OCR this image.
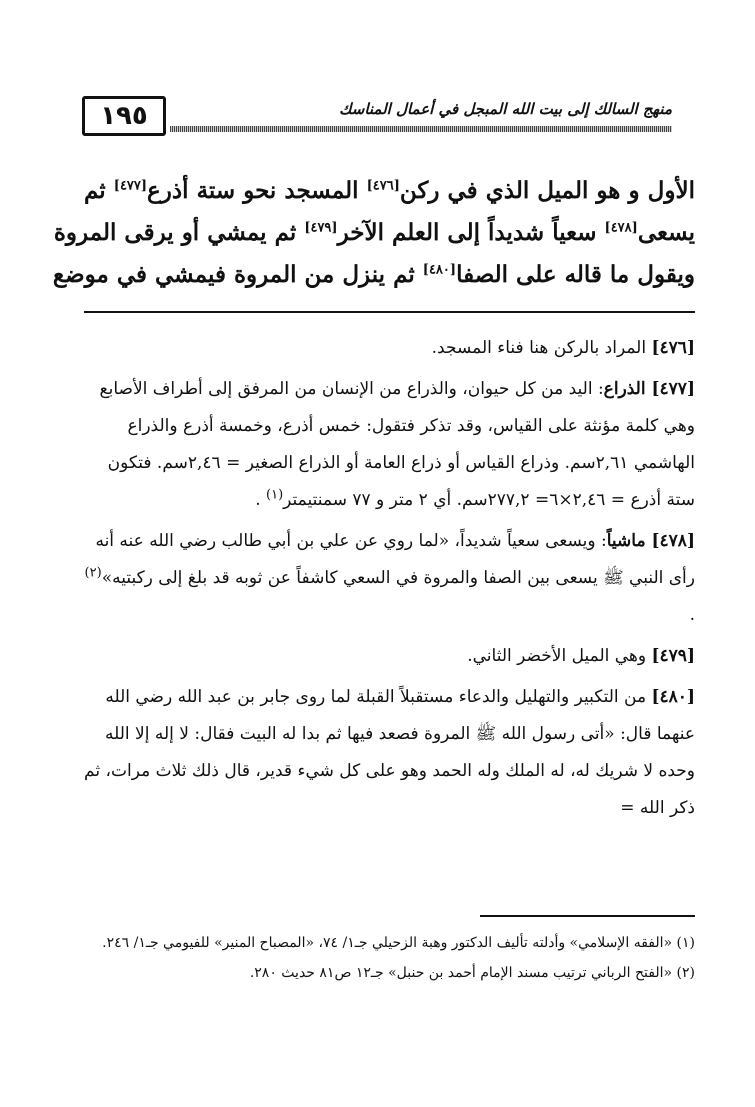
١٩٥	منهج السالك إلى بيت الله المبجل في أعمال المناسك
الأول و هو الميل الذي في ركن[٤٧٦] المسجد نحو ستة أذرع[٤٧٧] ثم
يسعى[٤٧٨] سعياً شديداً إلى العلم الآخر[٤٧٩] ثم يمشي أو يرقى المروة
ويقول ما قاله على الصفا[٤٨٠] ثم ينزل من المروة فيمشي في موضع
[٤٧٦] المراد بالركن هنا فناء المسجد.
[٤٧٧] الذراع: اليد من كل حيوان، والذراع من الإنسان من المرفق إلى أطراف الأصابع وهي كلمة مؤنثة على القياس، وقد تذكر فتقول: خمس أذرع، وخمسة أذرع والذراع الهاشمي ٢,٦١سم. وذراع القياس أو ذراع العامة أو الذراع الصغير = ٢,٤٦سم. فتكون ستة أذرع = ٢,٤٦×٦= ٢٧٧,٢سم. أي ٢ متر و ٧٧ سمنتيمتر$^{(١)}$ .
[٤٧٨] ماشياً: ويسعى سعياً شديداً، «لما روي عن علي بن أبي طالب رضي الله عنه أنه رأى النبي ﷺ يسعى بين الصفا والمروة في السعي كاشفاً عن ثوبه قد بلغ إلى ركبتيه»$^{(٢)}$ .
[٤٧٩] وهي الميل الأخضر الثاني.
[٤٨٠] من التكبير والتهليل والدعاء مستقبلاً القبلة لما روى جابر بن عبد الله رضي الله عنهما قال: «أتى رسول الله ﷺ المروة فصعد فيها ثم بدا له البيت فقال: لا إله إلا الله وحده لا شريك له، له الملك وله الحمد وهو على كل شيء قدير، قال ذلك ثلاث مرات، ثم ذكر الله =
(١) «الفقه الإسلامي» وأدلته تأليف الدكتور وهبة الزحيلي جـ١/ ٧٤، «المصباح المنير» للفيومي جـ١/ ٢٤٦.
(٢) «الفتح الرباني ترتيب مسند الإمام أحمد بن حنبل» جـ١٢ ص٨١ حديث ٢٨٠.
